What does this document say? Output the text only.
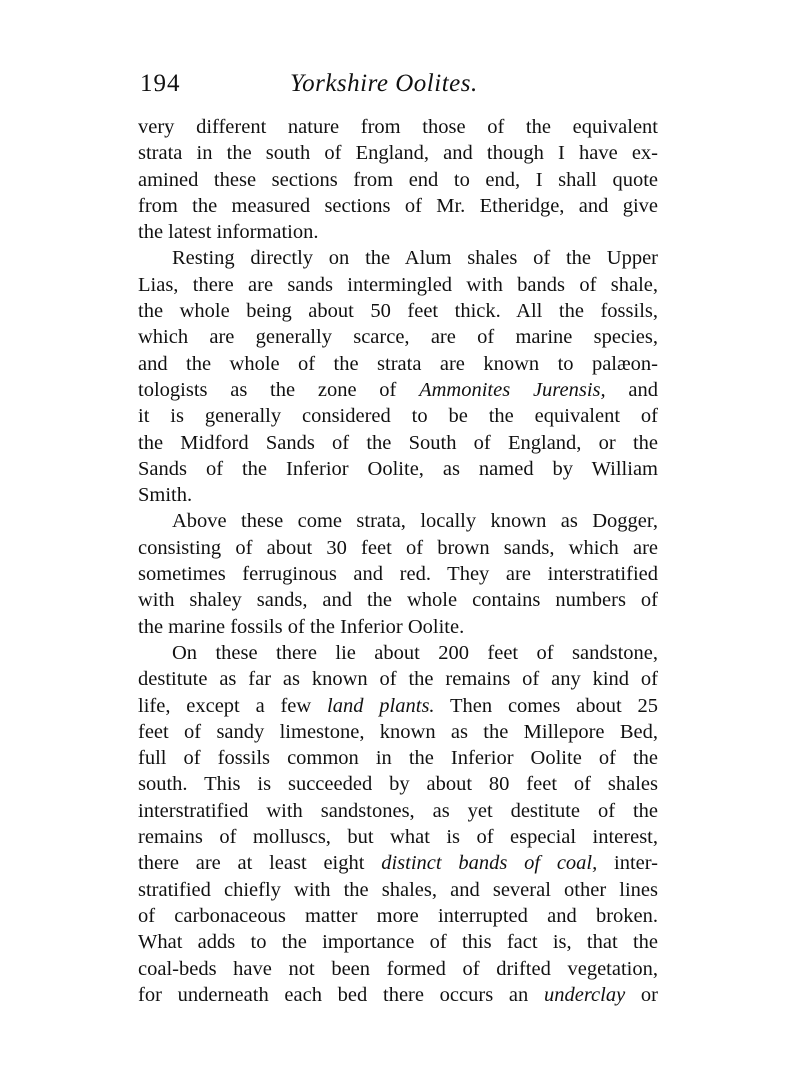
194	Yorkshire Oolites.
very different nature from those of the equivalent
strata in the south of England, and though I have ex-
amined these sections from end to end, I shall quote
from the measured sections of Mr. Etheridge, and give
the latest information.
Resting directly on the Alum shales of the Upper
Lias, there are sands intermingled with bands of shale,
the whole being about 50 feet thick. All the fossils,
which are generally scarce, are of marine species,
and the whole of the strata are known to palæon-
tologists as the zone of Ammonites Jurensis, and
it is generally considered to be the equivalent of
the Midford Sands of the South of England, or the
Sands of the Inferior Oolite, as named by William
Smith.
Above these come strata, locally known as Dogger,
consisting of about 30 feet of brown sands, which are
sometimes ferruginous and red. They are interstratified
with shaley sands, and the whole contains numbers of
the marine fossils of the Inferior Oolite.
On these there lie about 200 feet of sandstone,
destitute as far as known of the remains of any kind of
life, except a few land plants. Then comes about 25
feet of sandy limestone, known as the Millepore Bed,
full of fossils common in the Inferior Oolite of the
south. This is succeeded by about 80 feet of shales
interstratified with sandstones, as yet destitute of the
remains of molluscs, but what is of especial interest,
there are at least eight distinct bands of coal, inter-
stratified chiefly with the shales, and several other lines
of carbonaceous matter more interrupted and broken.
What adds to the importance of this fact is, that the
coal-beds have not been formed of drifted vegetation,
for underneath each bed there occurs an underclay or
